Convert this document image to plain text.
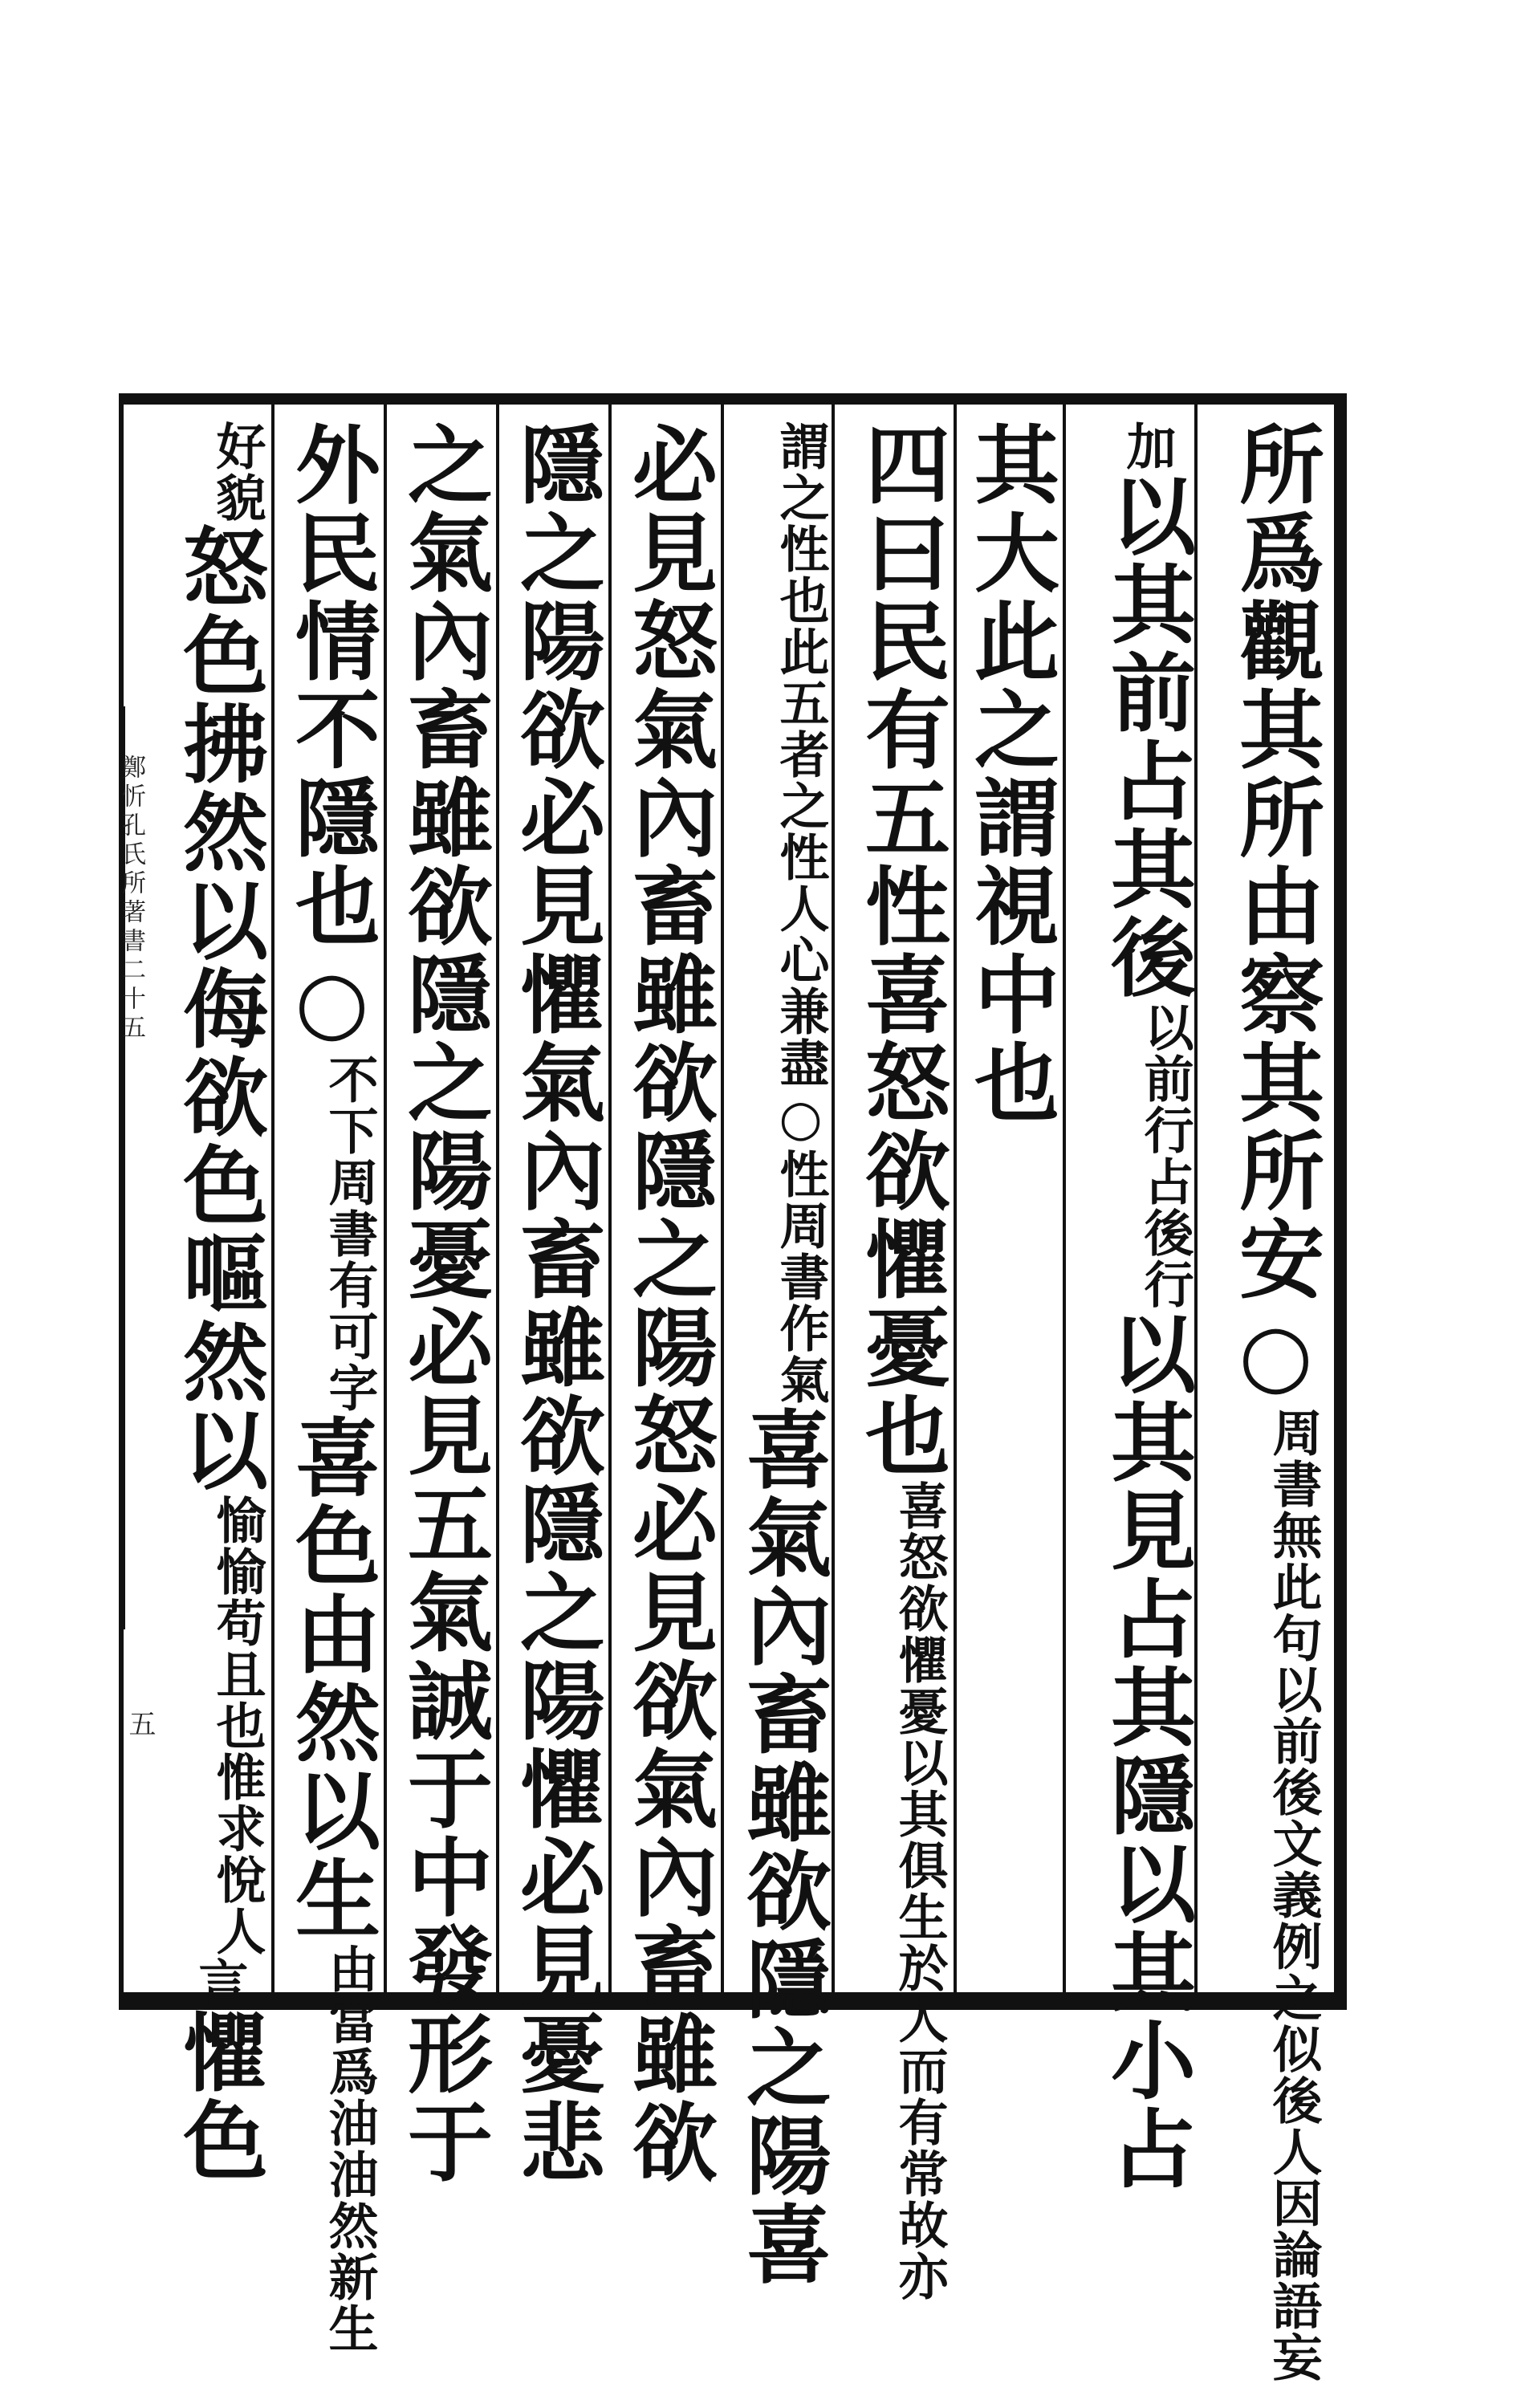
所爲觀其所由察其所安○周書無此句以前後文義例之似後人因論語妄
加以其前占其後以前行占後行以其見占其隱以其小占
其大此之謂視中也
四曰民有五性喜怒欲懼憂也喜怒欲懼憂以其俱生於人而有常故亦
謂之性也此五者之性人心兼盡○性周書作氣喜氣內畜雖欲隱之陽喜
必見怒氣內畜雖欲隱之陽怒必見欲氣內畜雖欲
隱之陽欲必見懼氣內畜雖欲隱之陽懼必見憂悲
之氣內畜雖欲隱之陽憂必見五氣誠于中發形于
外民情不隱也○不下周書有可字喜色由然以生由當爲油油然新生
好貌怒色拂然以侮欲色嘔然以愉愉苟且也惟求悅人言懼色
鄭忻孔氏所著書二十五
五
